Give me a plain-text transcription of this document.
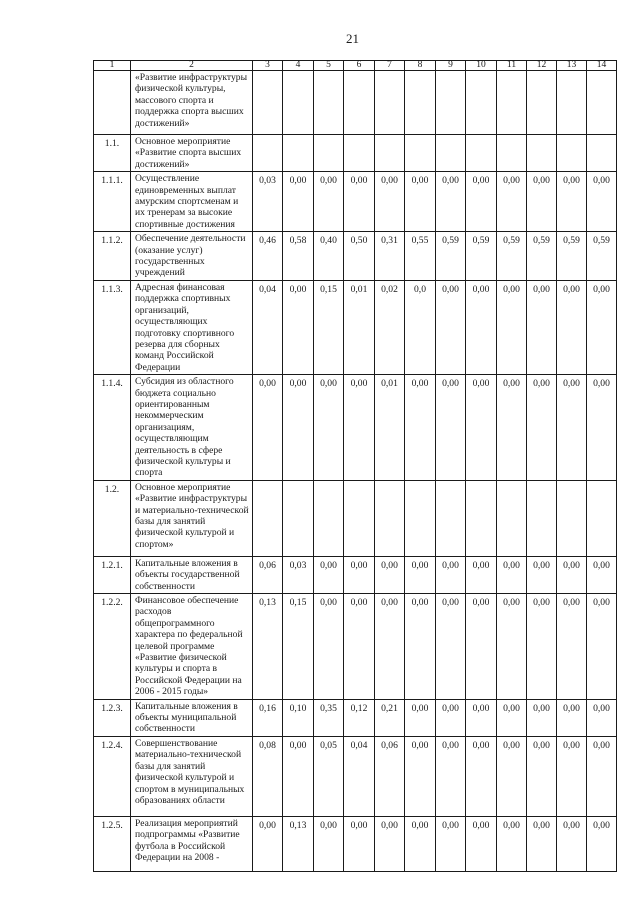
21
1	2	3	4	5	6	7	8	9	10	11	12	13	14
	«Развитие инфраструктуры физической культуры, массового спорта и поддержка спорта высших достижений»												
1.1.	Основное мероприятие «Развитие спорта высших достижений»												
1.1.1.	Осуществление единовременных выплат амурским спортсменам и их тренерам за высокие спортивные достижения	0,03	0,00	0,00	0,00	0,00	0,00	0,00	0,00	0,00	0,00	0,00	0,00
1.1.2.	Обеспечение деятельности (оказание услуг) государственных учреждений	0,46	0,58	0,40	0,50	0,31	0,55	0,59	0,59	0,59	0,59	0,59	0,59
1.1.3.	Адресная финансовая поддержка спортивных организаций, осуществляющих подготовку спортивного резерва для сборных команд Российской Федерации	0,04	0,00	0,15	0,01	0,02	0,0	0,00	0,00	0,00	0,00	0,00	0,00
1.1.4.	Субсидия из областного бюджета социально ориентированным некоммерческим организациям, осуществляющим деятельность в сфере физической культуры и спорта	0,00	0,00	0,00	0,00	0,01	0,00	0,00	0,00	0,00	0,00	0,00	0,00
1.2.	Основное мероприятие «Развитие инфраструктуры и материально-технической базы для занятий физической культурой и спортом»												
1.2.1.	Капитальные вложения в объекты государственной собственности	0,06	0,03	0,00	0,00	0,00	0,00	0,00	0,00	0,00	0,00	0,00	0,00
1.2.2.	Финансовое обеспечение расходов общепрограммного характера по федеральной целевой программе «Развитие физической культуры и спорта в Российской Федерации на 2006 - 2015 годы»	0,13	0,15	0,00	0,00	0,00	0,00	0,00	0,00	0,00	0,00	0,00	0,00
1.2.3.	Капитальные вложения в объекты муниципальной собственности	0,16	0,10	0,35	0,12	0,21	0,00	0,00	0,00	0,00	0,00	0,00	0,00
1.2.4.	Совершенствование материально-технической базы для занятий физической культурой и спортом в муниципальных образованиях области	0,08	0,00	0,05	0,04	0,06	0,00	0,00	0,00	0,00	0,00	0,00	0,00
1.2.5.	Реализация мероприятий подпрограммы «Развитие футбола в Российской Федерации на 2008 -	0,00	0,13	0,00	0,00	0,00	0,00	0,00	0,00	0,00	0,00	0,00	0,00
